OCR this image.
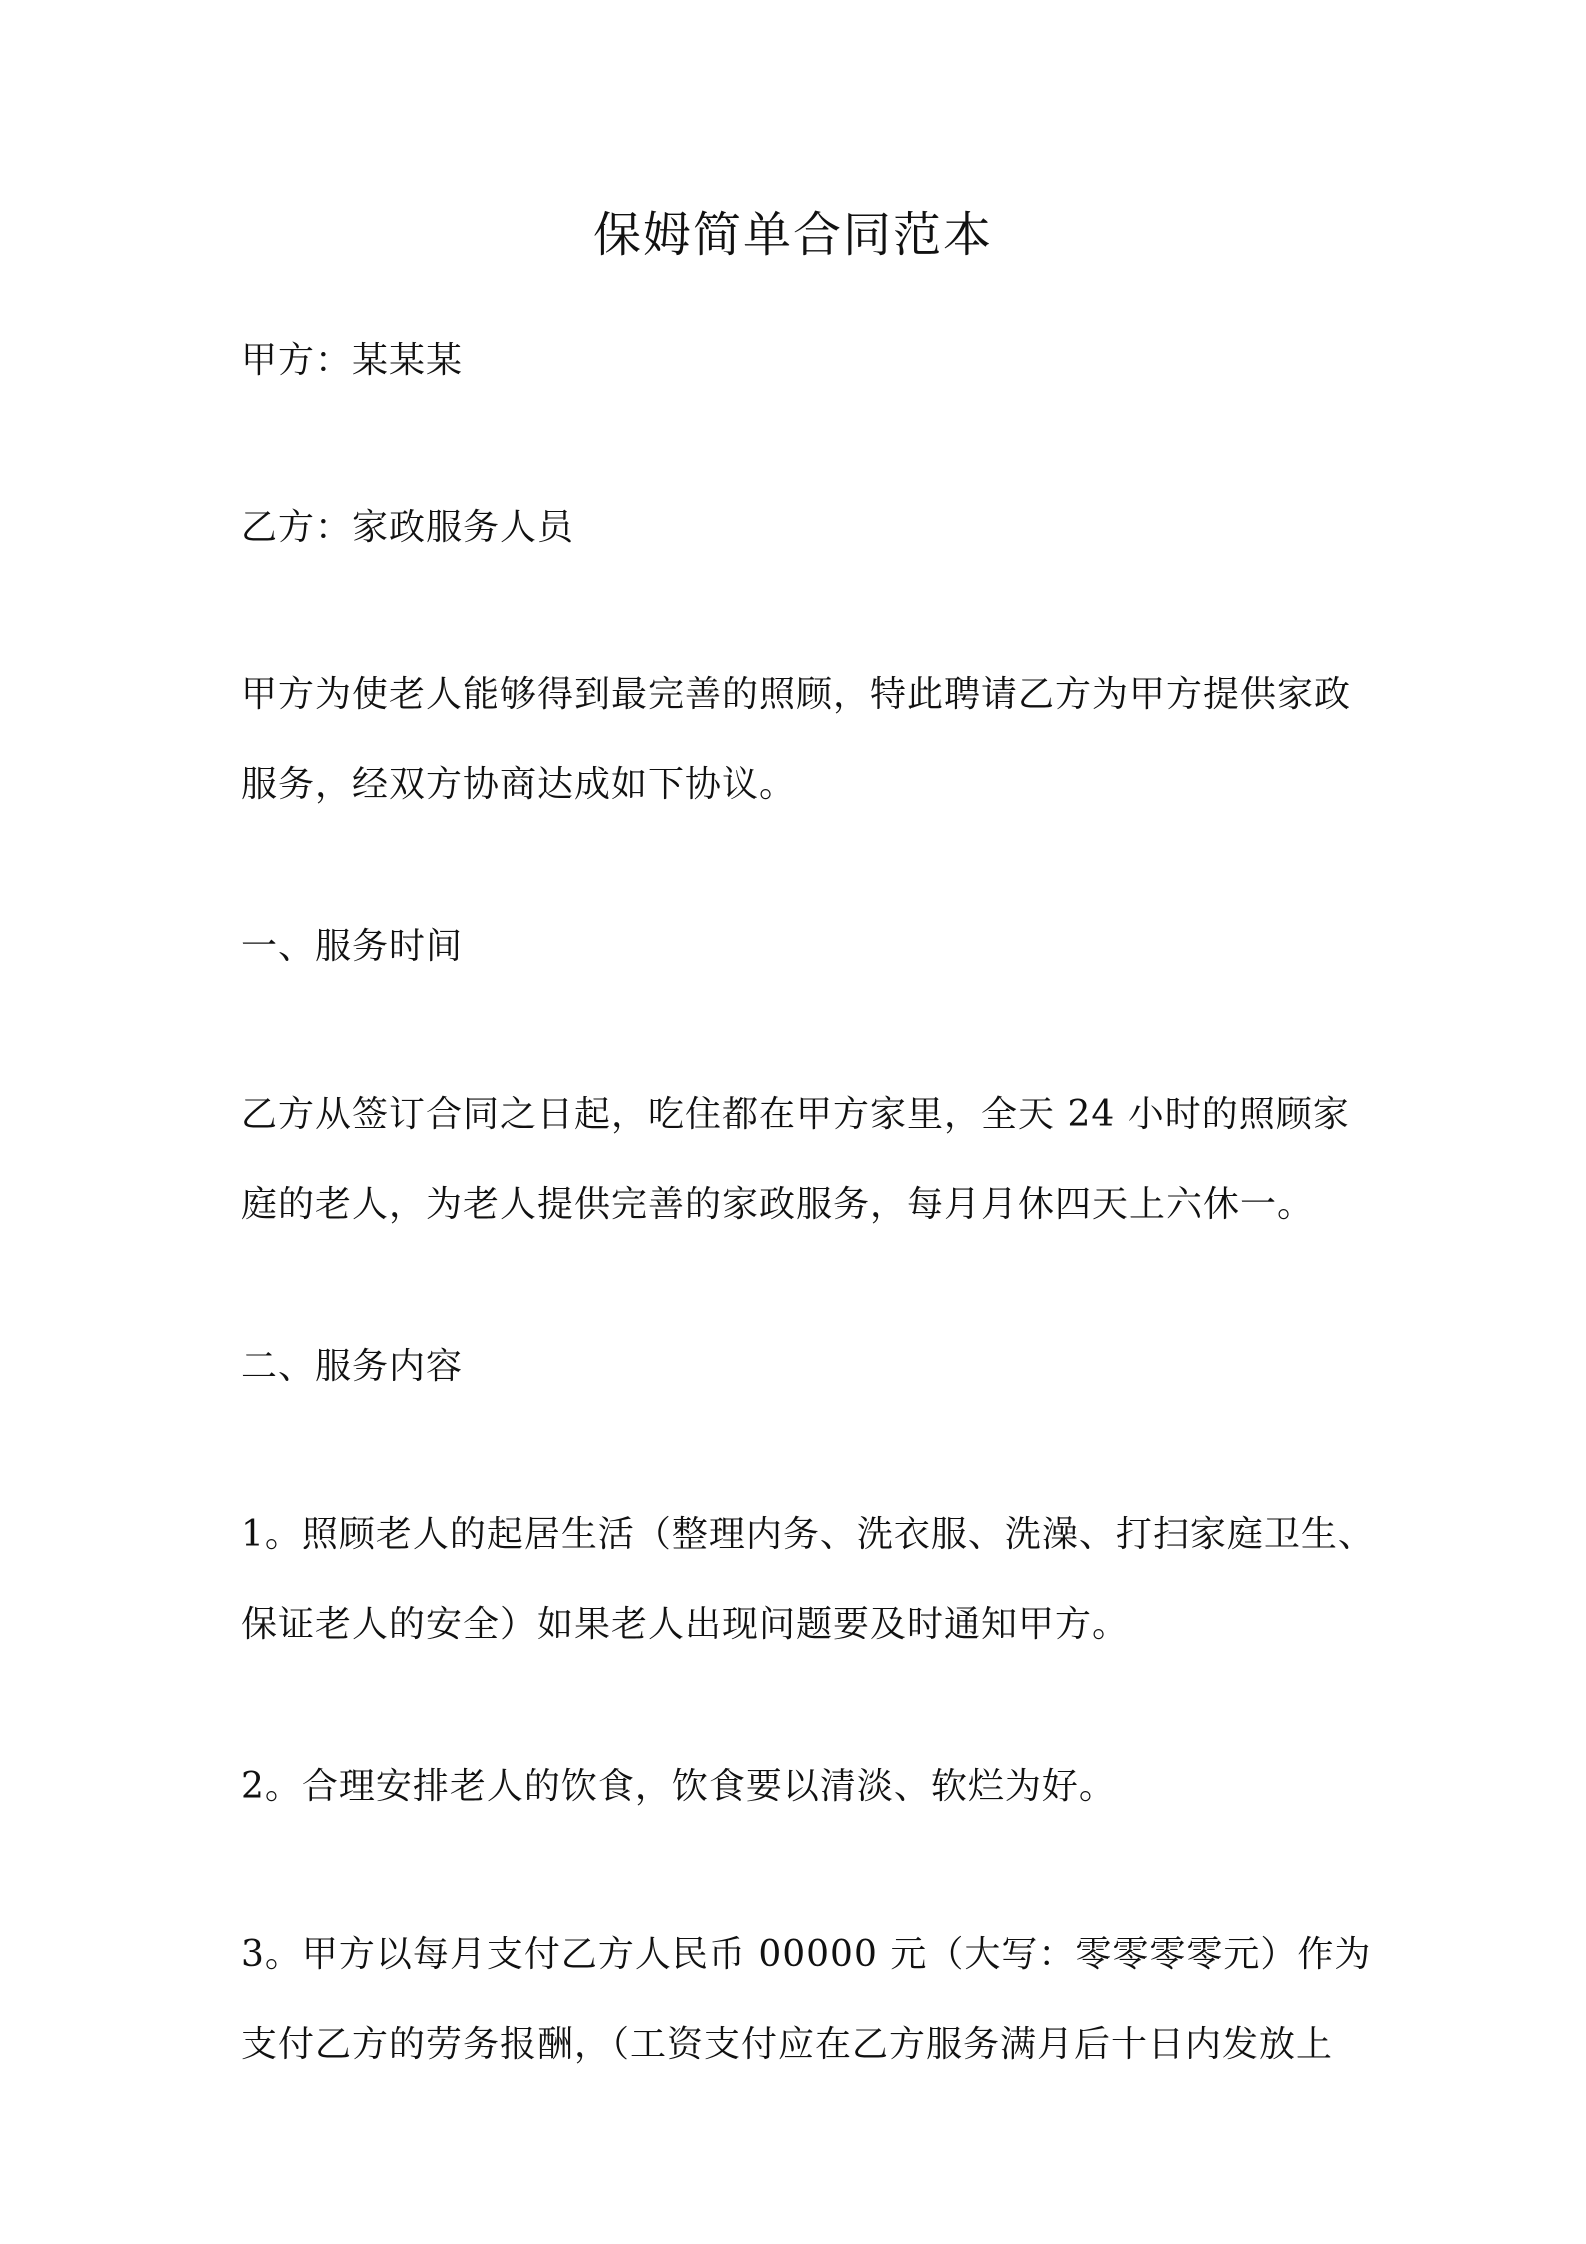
保姆简单合同范本

甲方：某某某

乙方：家政服务人员

甲方为使老人能够得到最完善的照顾，特此聘请乙方为甲方提供家政
服务，经双方协商达成如下协议。

一、服务时间

乙方从签订合同之日起，吃住都在甲方家里，全天 24 小时的照顾家
庭的老人，为老人提供完善的家政服务，每月月休四天上六休一。

二、服务内容

1。照顾老人的起居生活（整理内务、洗衣服、洗澡、打扫家庭卫生、
保证老人的安全）如果老人出现问题要及时通知甲方。

2。合理安排老人的饮食，饮食要以清淡、软烂为好。

3。甲方以每月支付乙方人民币 00000 元（大写：零零零零元）作为
支付乙方的劳务报酬，（工资支付应在乙方服务满月后十日内发放上
